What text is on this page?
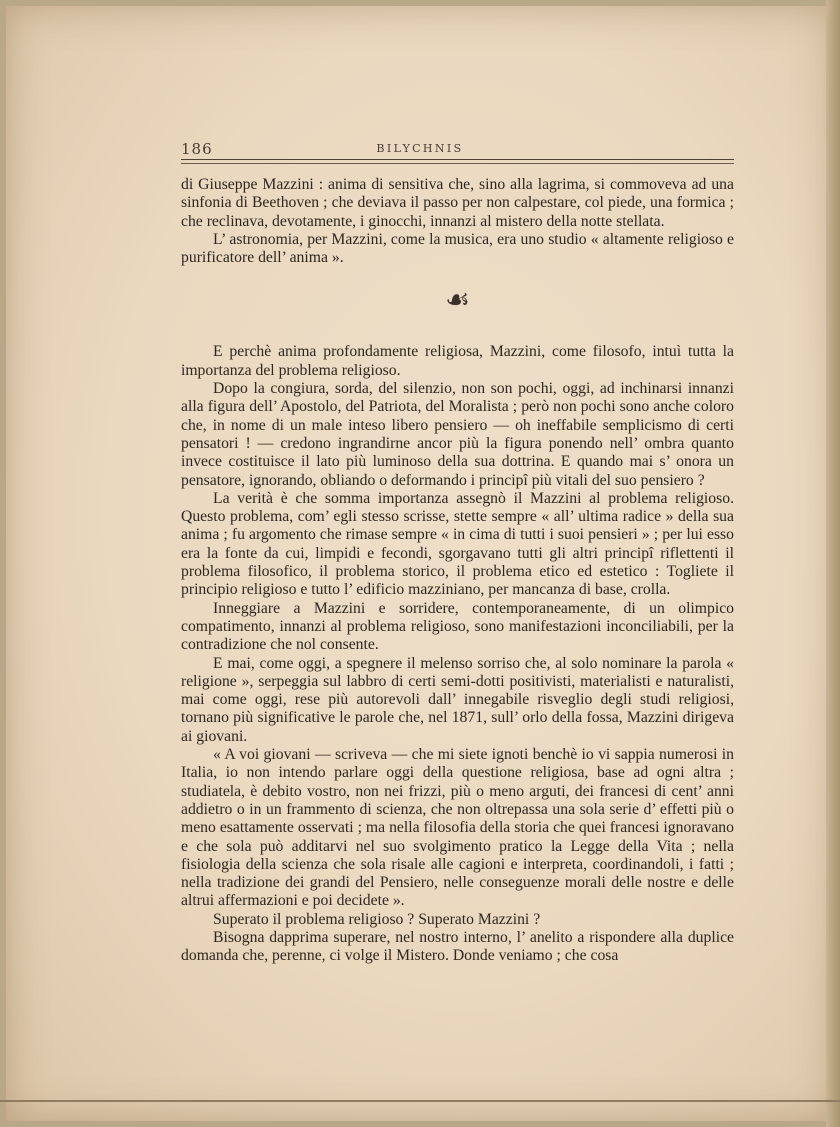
186	BILYCHNIS

di Giuseppe Mazzini : anima di sensitiva che, sino alla lagrima, si commoveva ad una sinfonia di Beethoven ; che deviava il passo per non calpestare, col piede, una formica ; che reclinava, devotamente, i ginocchi, innanzi al mistero della notte stellata.

L’ astronomia, per Mazzini, come la musica, era uno studio « altamente religioso e purificatore dell’ anima ».

☙

E perchè anima profondamente religiosa, Mazzini, come filosofo, intuì tutta la importanza del problema religioso.

Dopo la congiura, sorda, del silenzio, non son pochi, oggi, ad inchinarsi innanzi alla figura dell’ Apostolo, del Patriota, del Moralista ; però non pochi sono anche coloro che, in nome di un male inteso libero pensiero — oh ineffabile semplicismo di certi pensatori ! — credono ingrandirne ancor più la figura ponendo nell’ ombra quanto invece costituisce il lato più luminoso della sua dottrina. E quando mai s’ onora un pensatore, ignorando, obliando o deformando i principî più vitali del suo pensiero ?

La verità è che somma importanza assegnò il Mazzini al problema religioso. Questo problema, com’ egli stesso scrisse, stette sempre « all’ ultima radice » della sua anima ; fu argomento che rimase sempre « in cima di tutti i suoi pensieri » ; per lui esso era la fonte da cui, limpidi e fecondi, sgorgavano tutti gli altri principî riflettenti il problema filosofico, il problema storico, il problema etico ed estetico : Togliete il principio religioso e tutto l’ edificio mazziniano, per mancanza di base, crolla.

Inneggiare a Mazzini e sorridere, contemporaneamente, di un olimpico compatimento, innanzi al problema religioso, sono manifestazioni inconciliabili, per la contradizione che nol consente.

E mai, come oggi, a spegnere il melenso sorriso che, al solo nominare la parola « religione », serpeggia sul labbro di certi semi-dotti positivisti, materialisti e naturalisti, mai come oggi, rese più autorevoli dall’ innegabile risveglio degli studi religiosi, tornano più significative le parole che, nel 1871, sull’ orlo della fossa, Mazzini dirigeva ai giovani.

« A voi giovani — scriveva — che mi siete ignoti benchè io vi sappia numerosi in Italia, io non intendo parlare oggi della questione religiosa, base ad ogni altra ; studiatela, è debito vostro, non nei frizzi, più o meno arguti, dei francesi di cent’ anni addietro o in un frammento di scienza, che non oltrepassa una sola serie d’ effetti più o meno esattamente osservati ; ma nella filosofia della storia che quei francesi ignoravano e che sola può additarvi nel suo svolgimento pratico la Legge della Vita ; nella fisiologia della scienza che sola risale alle cagioni e interpreta, coordinandoli, i fatti ; nella tradizione dei grandi del Pensiero, nelle conseguenze morali delle nostre e delle altrui affermazioni e poi decidete ».

Superato il problema religioso ? Superato Mazzini ?

Bisogna dapprima superare, nel nostro interno, l’ anelito a rispondere alla duplice domanda che, perenne, ci volge il Mistero. Donde veniamo ; che cosa
